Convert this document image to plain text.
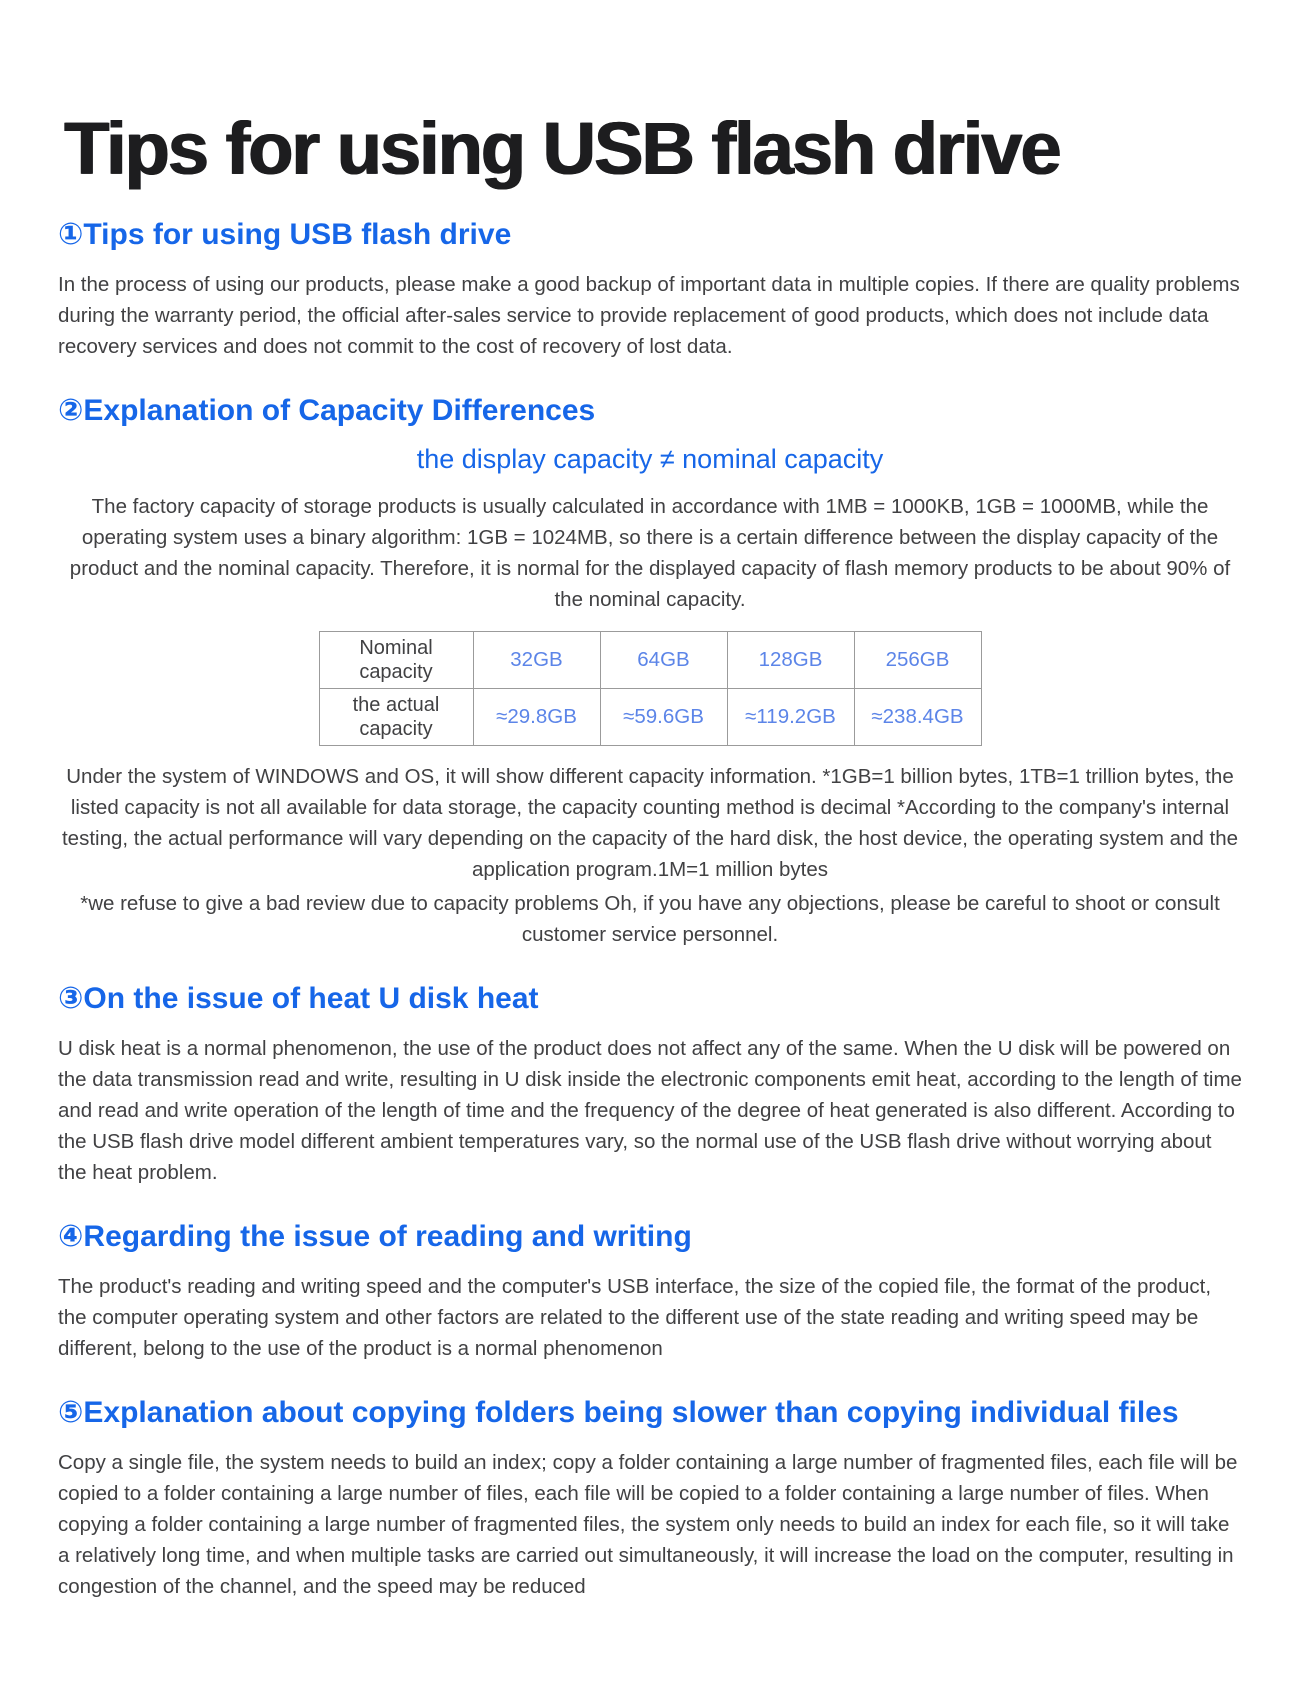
Tips for using USB flash drive
①Tips for using USB flash drive

In the process of using our products, please make a good backup of important data in multiple copies. If there are quality problems during the warranty period, the official after-sales service to provide replacement of good products, which does not include data recovery services and does not commit to the cost of recovery of lost data.

②Explanation of Capacity Differences

the display capacity ≠ nominal capacity

The factory capacity of storage products is usually calculated in accordance with 1MB = 1000KB, 1GB = 1000MB, while the operating system uses a binary algorithm: 1GB = 1024MB, so there is a certain difference between the display capacity of the product and the nominal capacity. Therefore, it is normal for the displayed capacity of flash memory products to be about 90% of the nominal capacity.

Nominal capacity	32GB	64GB	128GB	256GB
the actual capacity	≈29.8GB	≈59.6GB	≈119.2GB	≈238.4GB

Under the system of WINDOWS and OS, it will show different capacity information. *1GB=1 billion bytes, 1TB=1 trillion bytes, the listed capacity is not all available for data storage, the capacity counting method is decimal *According to the company's internal testing, the actual performance will vary depending on the capacity of the hard disk, the host device, the operating system and the application program.1M=1 million bytes

*we refuse to give a bad review due to capacity problems Oh, if you have any objections, please be careful to shoot or consult customer service personnel.

③On the issue of heat U disk heat

U disk heat is a normal phenomenon, the use of the product does not affect any of the same. When the U disk will be powered on the data transmission read and write, resulting in U disk inside the electronic components emit heat, according to the length of time and read and write operation of the length of time and the frequency of the degree of heat generated is also different. According to the USB flash drive model different ambient temperatures vary, so the normal use of the USB flash drive without worrying about the heat problem.

④Regarding the issue of reading and writing

The product's reading and writing speed and the computer's USB interface, the size of the copied file, the format of the product, the computer operating system and other factors are related to the different use of the state reading and writing speed may be different, belong to the use of the product is a normal phenomenon

⑤Explanation about copying folders being slower than copying individual files

Copy a single file, the system needs to build an index; copy a folder containing a large number of fragmented files, each file will be copied to a folder containing a large number of files, each file will be copied to a folder containing a large number of files. When copying a folder containing a large number of fragmented files, the system only needs to build an index for each file, so it will take a relatively long time, and when multiple tasks are carried out simultaneously, it will increase the load on the computer, resulting in congestion of the channel, and the speed may be reduced
